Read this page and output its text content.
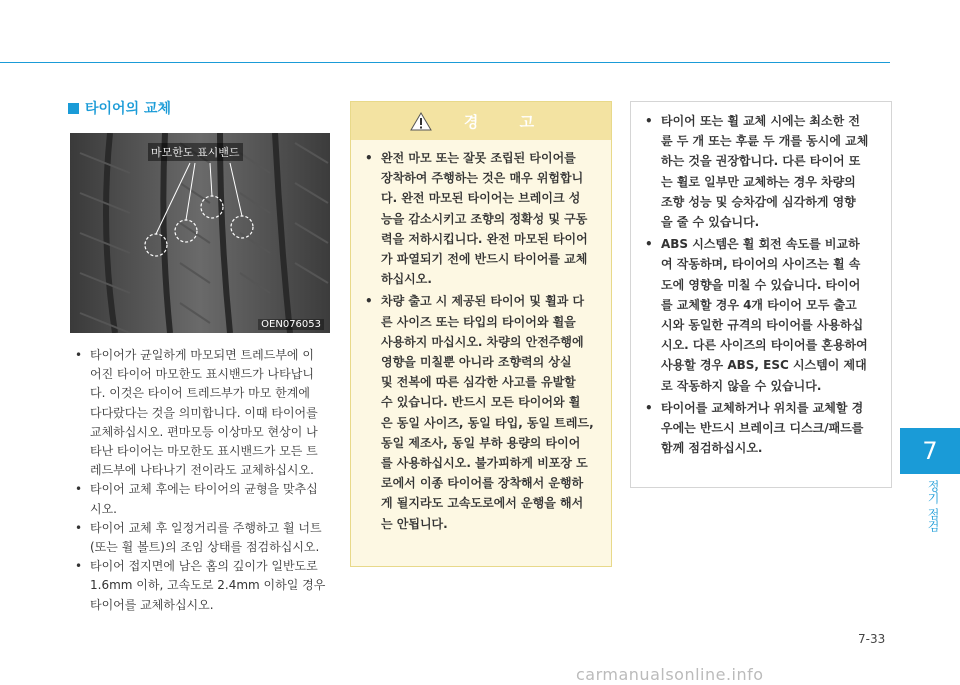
타이어의 교체
마모한도 표시밴드
OEN076053
• 타이어가 균일하게 마모되면 트레드부에 이
어진 타이어 마모한도 표시밴드가 나타납니
다. 이것은 타이어 트레드부가 마모 한계에
다다랐다는 것을 의미합니다. 이때 타이어를
교체하십시오. 편마모등 이상마모 현상이 나
타난 타이어는 마모한도 표시밴드가 모든 트
레드부에 나타나기 전이라도 교체하십시오.
• 타이어 교체 후에는 타이어의 균형을 맞추십
시오.
• 타이어 교체 후 일정거리를 주행하고 휠 너트
(또는 휠 볼트)의 조임 상태를 점검하십시오.
• 타이어 접지면에 남은 홈의 깊이가 일반도로
1.6mm 이하, 고속도로 2.4mm 이하일 경우
타이어를 교체하십시오.
경 고
• 완전 마모 또는 잘못 조립된 타이어를
장착하여 주행하는 것은 매우 위험합니
다. 완전 마모된 타이어는 브레이크 성
능을 감소시키고 조향의 정확성 및 구동
력을 저하시킵니다. 완전 마모된 타이어
가 파열되기 전에 반드시 타이어를 교체
하십시오.
• 차량 출고 시 제공된 타이어 및 휠과 다
른 사이즈 또는 타입의 타이어와 휠을
사용하지 마십시오. 차량의 안전주행에
영향을 미칠뿐 아니라 조향력의 상실
및 전복에 따른 심각한 사고를 유발할
수 있습니다. 반드시 모든 타이어와 휠
은 동일 사이즈, 동일 타입, 동일 트레드,
동일 제조사, 동일 부하 용량의 타이어
를 사용하십시오. 불가피하게 비포장 도
로에서 이종 타이어를 장착해서 운행하
게 될지라도 고속도로에서 운행을 해서
는 안됩니다.
• 타이어 또는 휠 교체 시에는 최소한 전
륜 두 개 또는 후륜 두 개를 동시에 교체
하는 것을 권장합니다. 다른 타이어 또
는 휠로 일부만 교체하는 경우 차량의
조향 성능 및 승차감에 심각하게 영향
을 줄 수 있습니다.
• ABS 시스템은 휠 회전 속도를 비교하
여 작동하며, 타이어의 사이즈는 휠 속
도에 영향을 미칠 수 있습니다. 타이어
를 교체할 경우 4개 타이어 모두 출고
시와 동일한 규격의 타이어를 사용하십
시오. 다른 사이즈의 타이어를 혼용하여
사용할 경우 ABS, ESC 시스템이 제대
로 작동하지 않을 수 있습니다.
• 타이어를 교체하거나 위치를 교체할 경
우에는 반드시 브레이크 디스크/패드를
함께 점검하십시오.	7
정기 점검
7-33
carmanualsonline.info
